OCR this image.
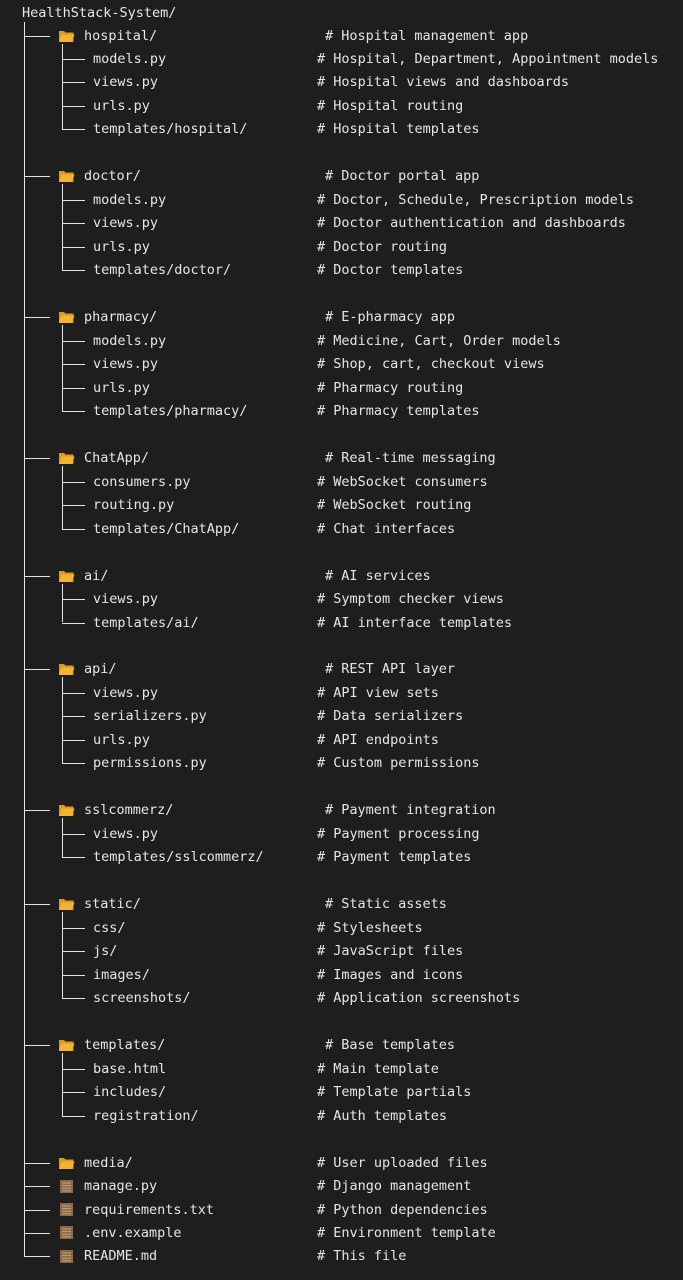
HealthStack-System/
hospital/	# Hospital management app
models.py	# Hospital, Department, Appointment models
views.py	# Hospital views and dashboards
urls.py	# Hospital routing
templates/hospital/	# Hospital templates
doctor/	# Doctor portal app
models.py	# Doctor, Schedule, Prescription models
views.py	# Doctor authentication and dashboards
urls.py	# Doctor routing
templates/doctor/	# Doctor templates
pharmacy/	# E-pharmacy app
models.py	# Medicine, Cart, Order models
views.py	# Shop, cart, checkout views
urls.py	# Pharmacy routing
templates/pharmacy/	# Pharmacy templates
ChatApp/	# Real-time messaging
consumers.py	# WebSocket consumers
routing.py	# WebSocket routing
templates/ChatApp/	# Chat interfaces
ai/	# AI services
views.py	# Symptom checker views
templates/ai/	# AI interface templates
api/	# REST API layer
views.py	# API view sets
serializers.py	# Data serializers
urls.py	# API endpoints
permissions.py	# Custom permissions
sslcommerz/	# Payment integration
views.py	# Payment processing
templates/sslcommerz/	# Payment templates
static/	# Static assets
css/	# Stylesheets
js/	# JavaScript files
images/	# Images and icons
screenshots/	# Application screenshots
templates/	# Base templates
base.html	# Main template
includes/	# Template partials
registration/	# Auth templates
media/	# User uploaded files
manage.py	# Django management
requirements.txt	# Python dependencies
.env.example	# Environment template
README.md	# This file
